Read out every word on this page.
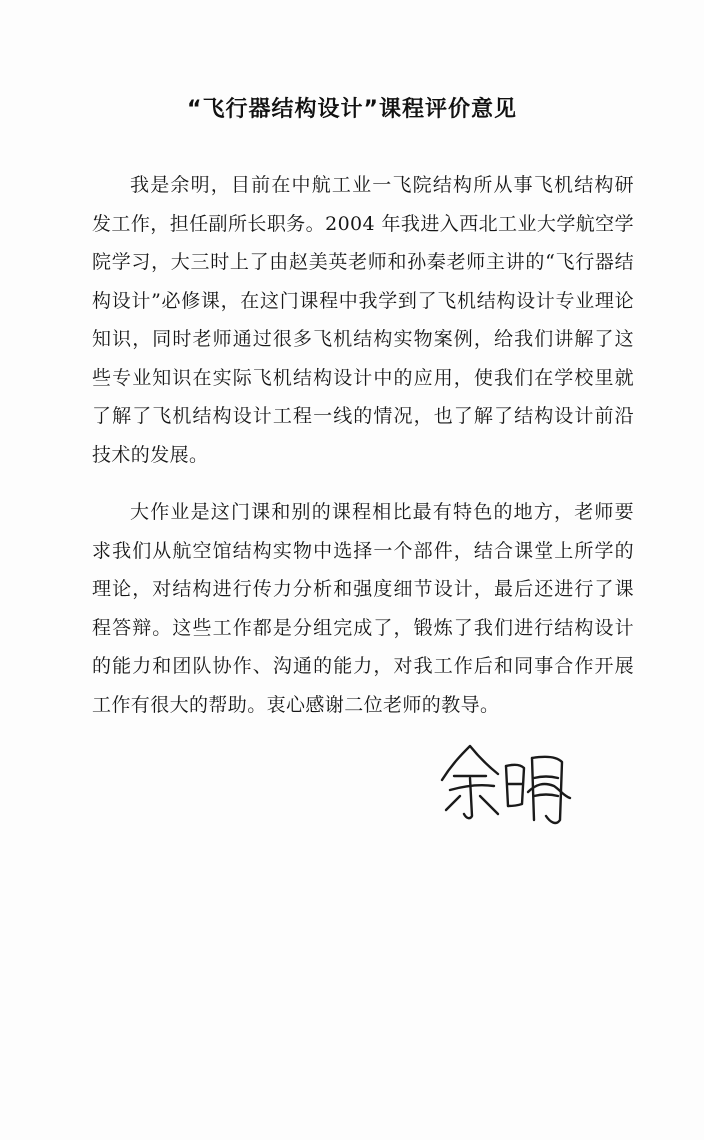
“飞行器结构设计”课程评价意见

我是余明，目前在中航工业一飞院结构所从事飞机结构研发工作，担任副所长职务。2004 年我进入西北工业大学航空学院学习，大三时上了由赵美英老师和孙秦老师主讲的“飞行器结构设计”必修课，在这门课程中我学到了飞机结构设计专业理论知识，同时老师通过很多飞机结构实物案例，给我们讲解了这些专业知识在实际飞机结构设计中的应用，使我们在学校里就了解了飞机结构设计工程一线的情况，也了解了结构设计前沿技术的发展。

大作业是这门课和别的课程相比最有特色的地方，老师要求我们从航空馆结构实物中选择一个部件，结合课堂上所学的理论，对结构进行传力分析和强度细节设计，最后还进行了课程答辩。这些工作都是分组完成了，锻炼了我们进行结构设计的能力和团队协作、沟通的能力，对我工作后和同事合作开展工作有很大的帮助。衷心感谢二位老师的教导。
